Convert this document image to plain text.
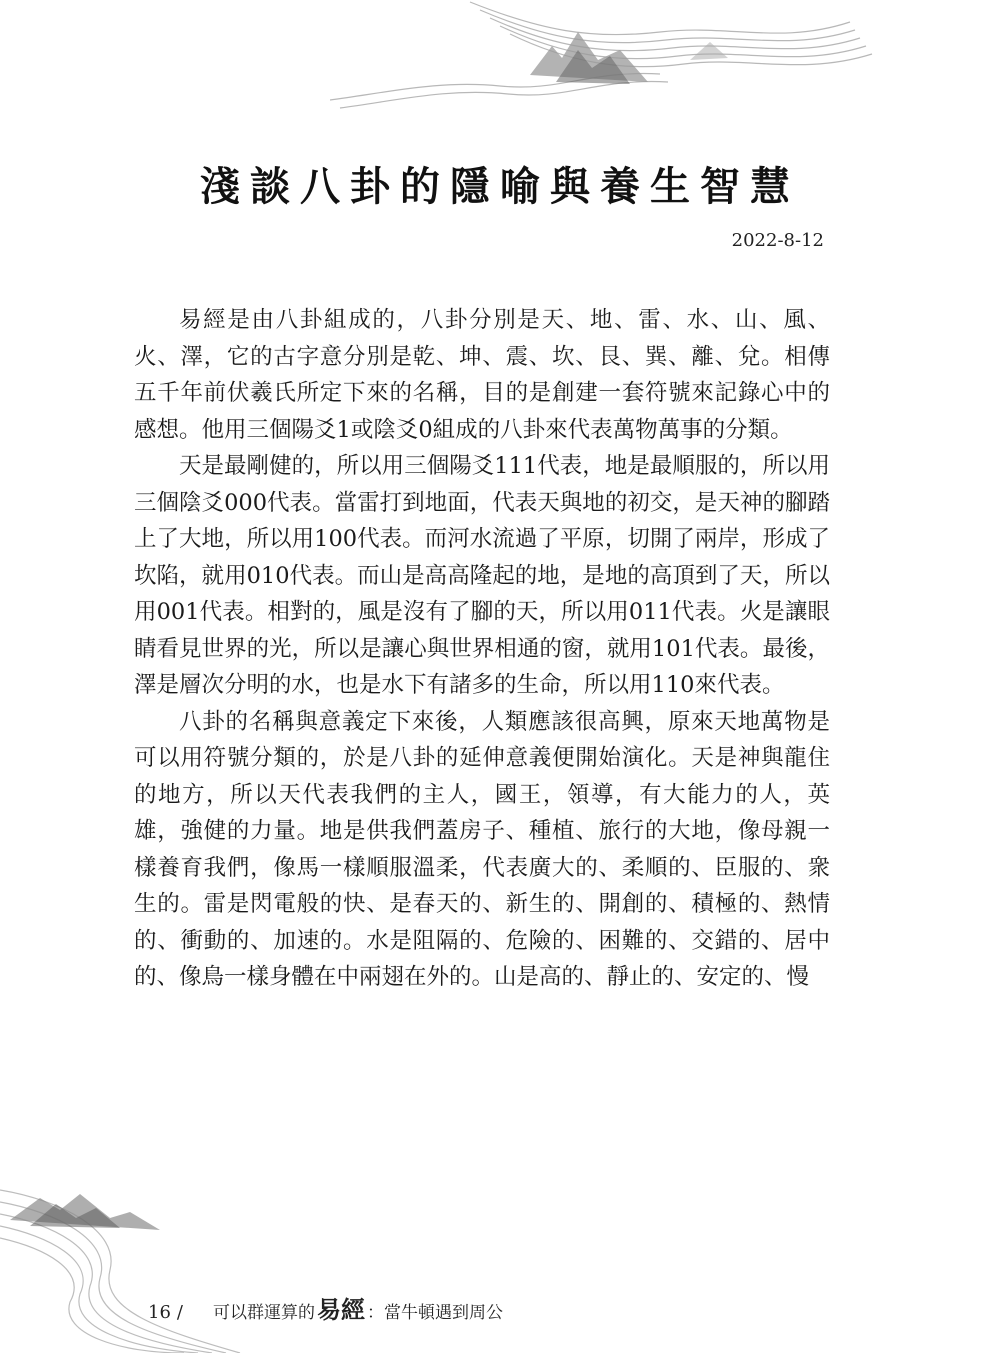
淺談八卦的隱喻與養生智慧
2022-8-12

易經是由八卦組成的，八卦分別是天、地、雷、水、山、風、火、澤，它的古字意分別是乾、坤、震、坎、艮、巽、離、兌。相傳五千年前伏羲氏所定下來的名稱，目的是創建一套符號來記錄心中的感想。他用三個陽爻1或陰爻0組成的八卦來代表萬物萬事的分類。

天是最剛健的，所以用三個陽爻111代表，地是最順服的，所以用三個陰爻000代表。當雷打到地面，代表天與地的初交，是天神的腳踏上了大地，所以用100代表。而河水流過了平原，切開了兩岸，形成了坎陷，就用010代表。而山是高高隆起的地，是地的高頂到了天，所以用001代表。相對的，風是沒有了腳的天，所以用011代表。火是讓眼睛看見世界的光，所以是讓心與世界相通的窗，就用101代表。最後，澤是層次分明的水，也是水下有諸多的生命，所以用110來代表。

八卦的名稱與意義定下來後，人類應該很高興，原來天地萬物是可以用符號分類的，於是八卦的延伸意義便開始演化。天是神與龍住的地方，所以天代表我們的主人，國王，領導，有大能力的人，英雄，強健的力量。地是供我們蓋房子、種植、旅行的大地，像母親一樣養育我們，像馬一樣順服溫柔，代表廣大的、柔順的、臣服的、衆生的。雷是閃電般的快、是春天的、新生的、開創的、積極的、熱情的、衝動的、加速的。水是阻隔的、危險的、困難的、交錯的、居中的、像鳥一樣身體在中兩翅在外的。山是高的、靜止的、安定的、慢

16 / 可以群運算的 易經 ：當牛頓遇到周公
